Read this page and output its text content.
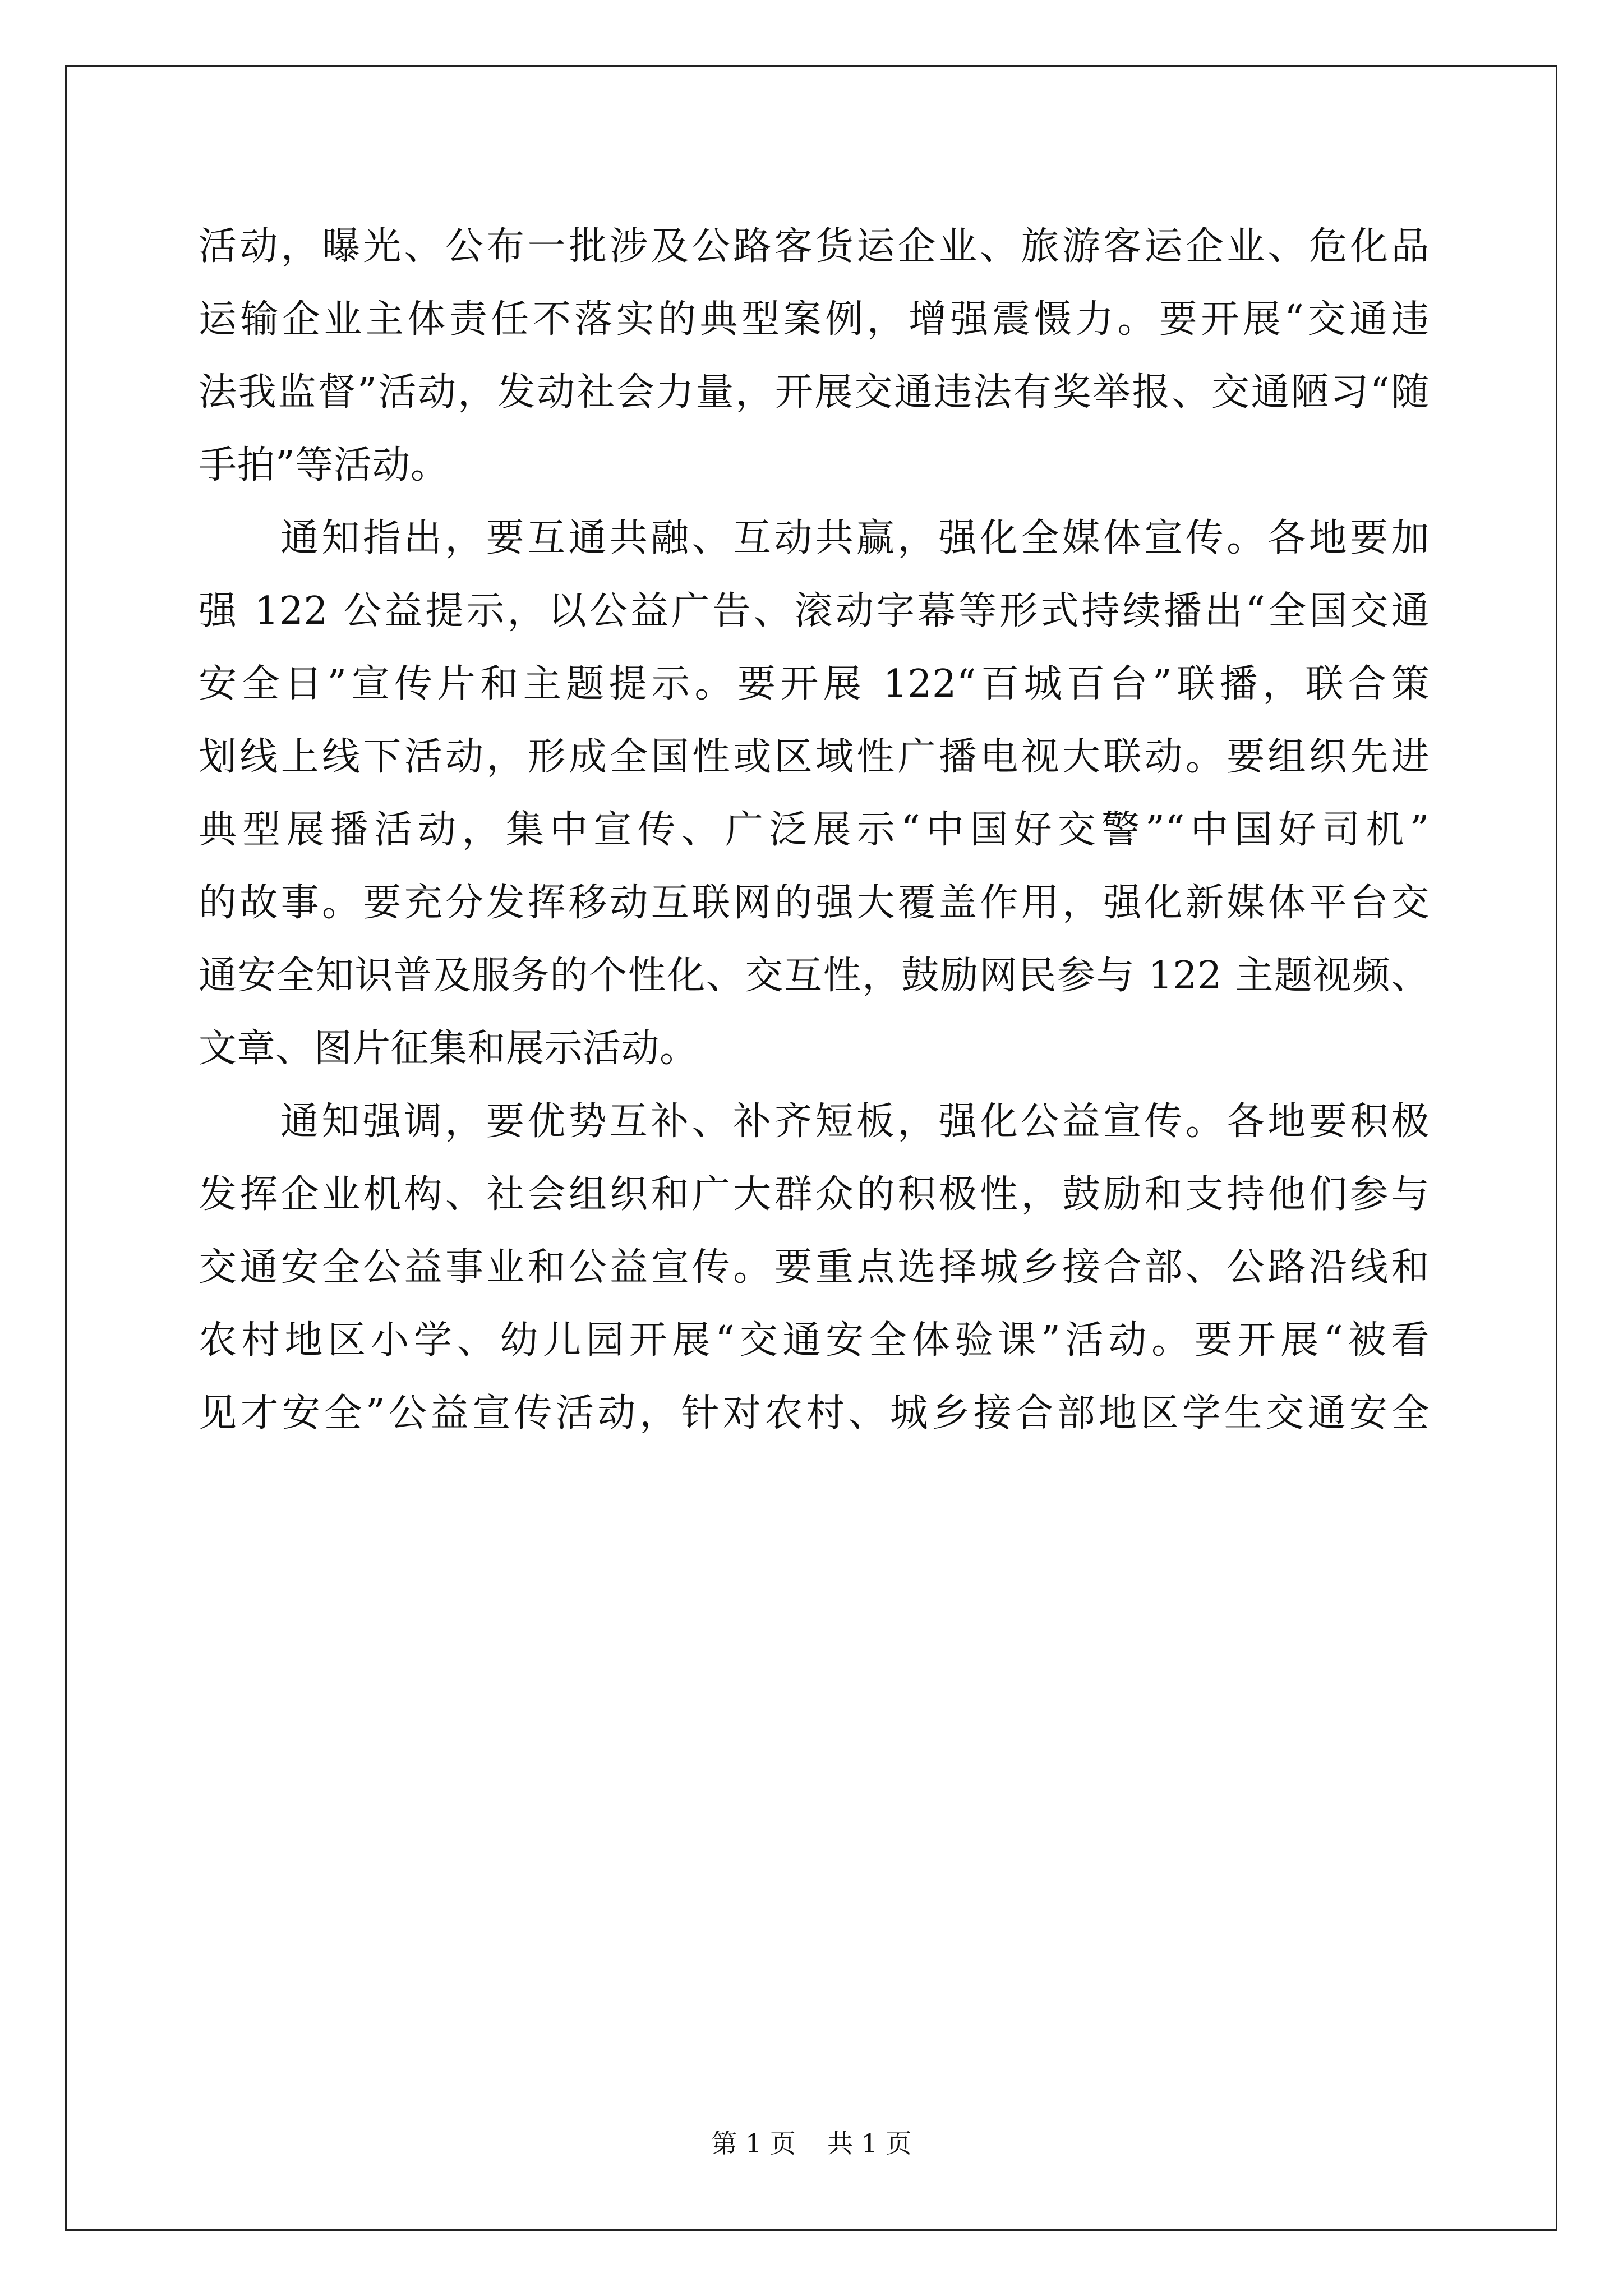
活动，曝光、公布一批涉及公路客货运企业、旅游客运企业、危化品
运输企业主体责任不落实的典型案例，增强震慑力。要开展“交通违
法我监督”活动，发动社会力量，开展交通违法有奖举报、交通陋习“随
手拍”等活动。
通知指出，要互通共融、互动共赢，强化全媒体宣传。各地要加
强 122 公益提示，以公益广告、滚动字幕等形式持续播出“全国交通
安全日”宣传片和主题提示。要开展 122“百城百台”联播，联合策
划线上线下活动，形成全国性或区域性广播电视大联动。要组织先进
典型展播活动，集中宣传、广泛展示“中国好交警”“中国好司机”
的故事。要充分发挥移动互联网的强大覆盖作用，强化新媒体平台交
通安全知识普及服务的个性化、交互性，鼓励网民参与 122 主题视频、
文章、图片征集和展示活动。
通知强调，要优势互补、补齐短板，强化公益宣传。各地要积极
发挥企业机构、社会组织和广大群众的积极性，鼓励和支持他们参与
交通安全公益事业和公益宣传。要重点选择城乡接合部、公路沿线和
农村地区小学、幼儿园开展“交通安全体验课”活动。要开展“被看
见才安全”公益宣传活动，针对农村、城乡接合部地区学生交通安全
第 1 页 共 1 页
